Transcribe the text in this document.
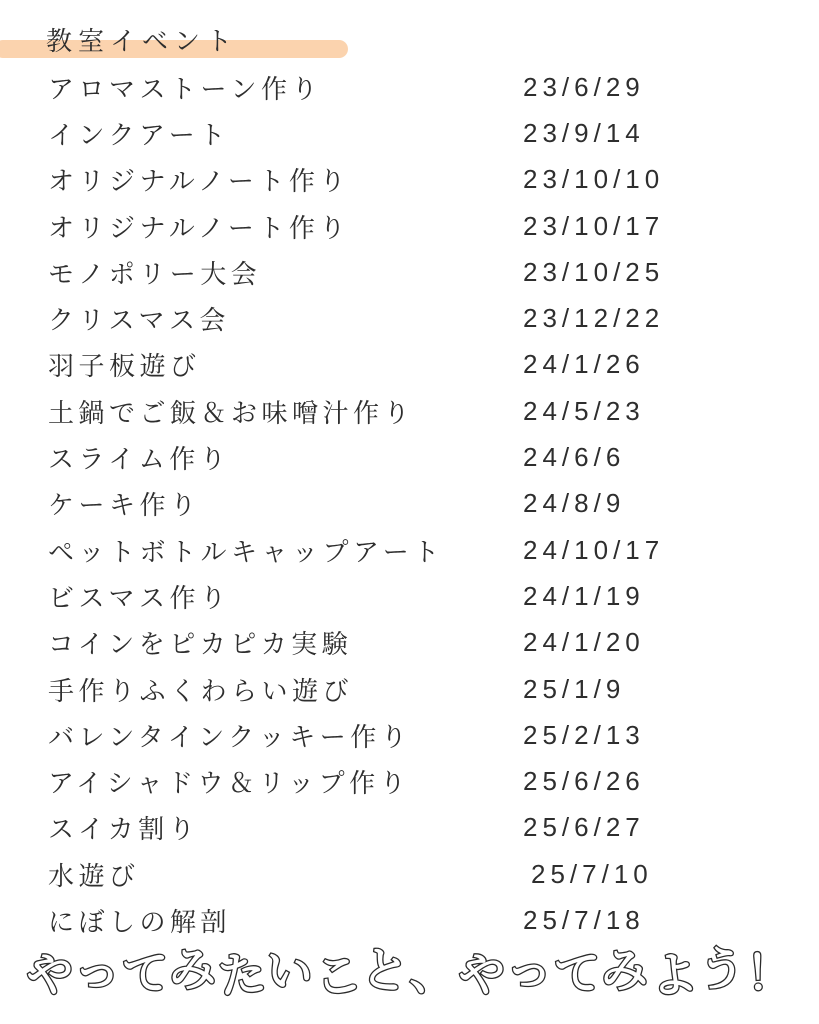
教室イベント
アロマストーン作り	23/6/29
インクアート	23/9/14
オリジナルノート作り	23/10/10
オリジナルノート作り	23/10/17
モノポリー大会	23/10/25
クリスマス会	23/12/22
羽子板遊び	24/1/26
土鍋でご飯＆お味噌汁作り	24/5/23
スライム作り	24/6/6
ケーキ作り	24/8/9
ペットボトルキャップアート	24/10/17
ビスマス作り	24/1/19
コインをピカピカ実験	24/1/20
手作りふくわらい遊び	25/1/9
バレンタインクッキー作り	25/2/13
アイシャドウ＆リップ作り	25/6/26
スイカ割り	25/6/27
水遊び	25/7/10
にぼしの解剖	25/7/18
やってみたいこと、やってみよう！
